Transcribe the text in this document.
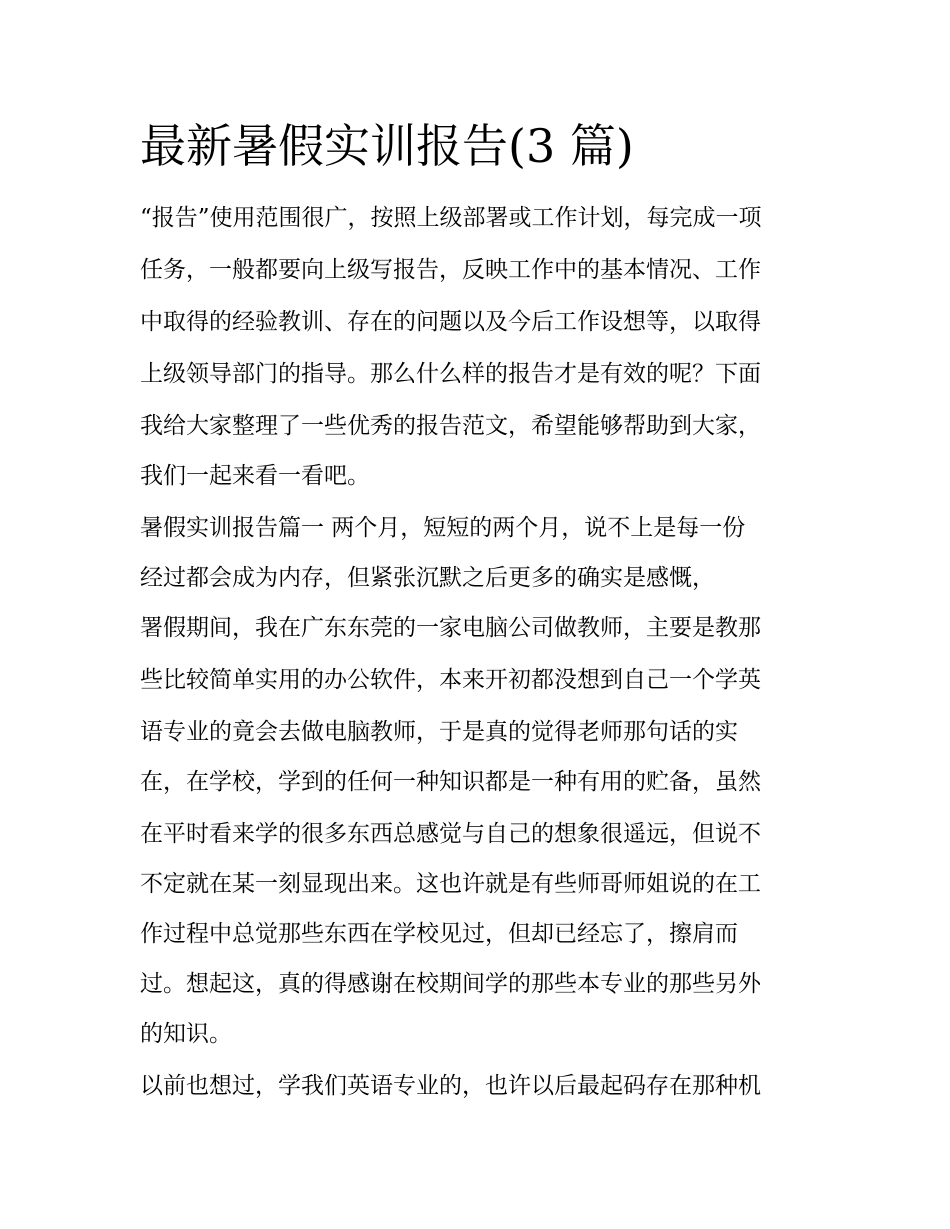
最新暑假实训报告(3 篇)

“报告”使用范围很广，按照上级部署或工作计划，每完成一项

任务，一般都要向上级写报告，反映工作中的基本情况、工作

中取得的经验教训、存在的问题以及今后工作设想等，以取得

上级领导部门的指导。那么什么样的报告才是有效的呢？下面

我给大家整理了一些优秀的报告范文，希望能够帮助到大家，

我们一起来看一看吧。

暑假实训报告篇一 两个月，短短的两个月，说不上是每一份

经过都会成为内存，但紧张沉默之后更多的确实是感慨，

署假期间，我在广东东莞的一家电脑公司做教师，主要是教那

些比较简单实用的办公软件，本来开初都没想到自己一个学英

语专业的竟会去做电脑教师，于是真的觉得老师那句话的实

在，在学校，学到的任何一种知识都是一种有用的贮备，虽然

在平时看来学的很多东西总感觉与自己的想象很遥远，但说不

不定就在某一刻显现出来。这也许就是有些师哥师姐说的在工

作过程中总觉那些东西在学校见过，但却已经忘了，擦肩而

过。想起这，真的得感谢在校期间学的那些本专业的那些另外

的知识。

以前也想过，学我们英语专业的，也许以后最起码存在那种机
